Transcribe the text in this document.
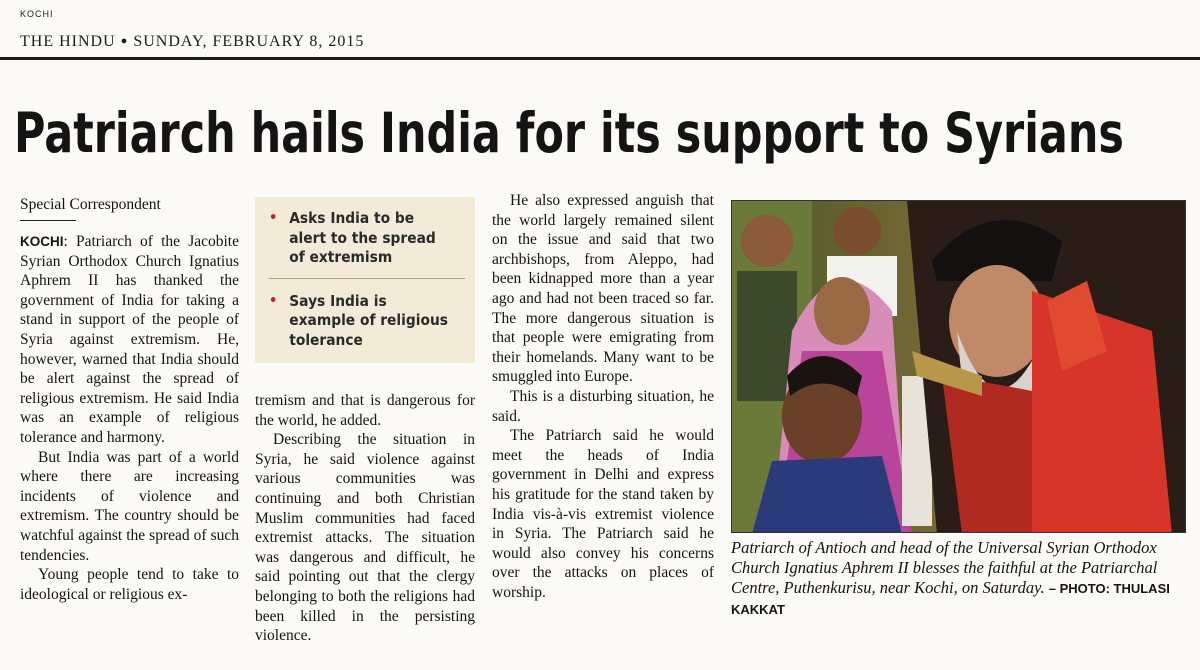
KOCHI
THE HINDU ● SUNDAY, FEBRUARY 8, 2015
Patriarch hails India for its support to Syrians
Special Correspondent

KOCHI: Patriarch of the Jacobite Syrian Orthodox Church Ignatius Aphrem II has thanked the government of India for taking a stand in support of the people of Syria against extremism. He, however, warned that India should be alert against the spread of religious extremism. He said India was an example of religious tolerance and harmony.

But India was part of a world where there are increasing incidents of violence and extremism. The country should be watchful against the spread of such tendencies.

Young people tend to take to ideological or religious ex-

• Asks India to be alert to the spread of extremism
• Says India is example of religious tolerance

tremism and that is dangerous for the world, he added.

Describing the situation in Syria, he said violence against various communities was continuing and both Christian Muslim communities had faced extremist attacks. The situation was dangerous and difficult, he said pointing out that the clergy belonging to both the religions had been killed in the persisting violence.

He also expressed anguish that the world largely remained silent on the issue and said that two archbishops, from Aleppo, had been kidnapped more than a year ago and had not been traced so far. The more dangerous situation is that people were emigrating from their homelands. Many want to be smuggled into Europe.

This is a disturbing situation, he said.

The Patriarch said he would meet the heads of India government in Delhi and express his gratitude for the stand taken by India vis-à-vis extremist violence in Syria. The Patriarch said he would also convey his concerns over the attacks on places of worship.

Patriarch of Antioch and head of the Universal Syrian Orthodox Church Ignatius Aphrem II blesses the faithful at the Patriarchal Centre, Puthenkurisu, near Kochi, on Saturday. – PHOTO: THULASI KAKKAT
